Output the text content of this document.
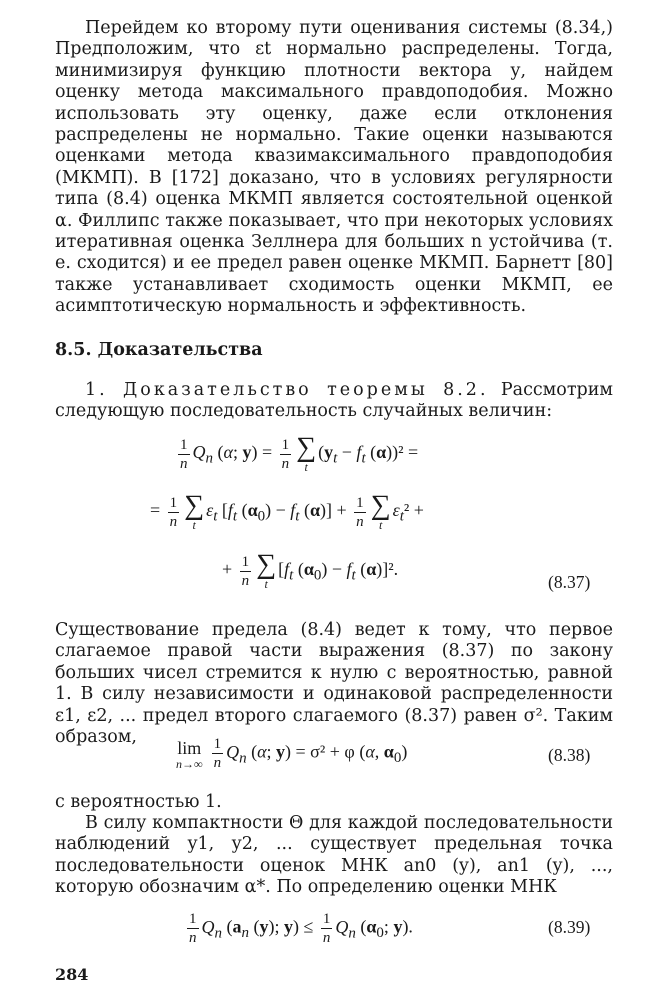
Перейдем ко второму пути оценивания системы (8.34,) Предположим, что εt нормально распределены. Тогда, минимизируя функцию плотности вектора у, найдем оценку метода максимального правдоподобия. Можно использовать эту оценку, даже если отклонения распределены не нормально. Такие оценки называются оценками метода квазимаксимального правдоподобия (МКМП). В [172] доказано, что в условиях регулярности типа (8.4) оценка МКМП является состоятельной оценкой α. Филлипс также показывает, что при некоторых условиях итеративная оценка Зеллнера для больших n устойчива (т. е. сходится) и ее предел равен оценке МКМП. Барнетт [80] также устанавливает сходимость оценки МКМП, ее асимптотическую нормальность и эффективность.

8.5. Доказательства

1. Доказательство теоремы 8.2. Рассмотрим следующую последовательность случайных величин:

$\frac{1}{n} Q_n$ (α; $y) = \frac{1}{n}$ ∑
t
($y_t - f_t$ (α))² =
= $\frac{1}{n}$ ∑
t
$\varepsilon_t$ [$f_t$ $(\alpha_0) - f_t$ $(\alpha)] + \frac{1}{n}$ ∑
t
$\varepsilon_t^2$ +
+ $\frac{1}{n}$ ∑
t
[$f_t$ $(\alpha_0) - f_t$ (α)]².
(8.37)

Существование предела (8.4) ведет к тому, что первое слагаемое правой части выражения (8.37) по закону больших чисел стремится к нулю с вероятностью, равной 1. В силу независимости и одинаковой распределенности ε1, ε2, ... предел второго слагаемого (8.37) равен σ². Таким образом,

lim
$n\to\infty \frac{1}{n} Q_n$ (α; y) = σ² + φ (α, $\alpha_0$)	(8.38)

с вероятностью 1.

В силу компактности Θ для каждой последовательности наблюдений y1, y2, ... существует предельная точка последовательности оценок МНК an0 (y), an1 (y), ..., которую обозначим α*. По определению оценки МНК

$\frac{1}{n} Q_n$ ($a_n$ (y); $y) \le \frac{1}{n} Q_n$ ($\alpha_0$; y).	(8.39)
284
